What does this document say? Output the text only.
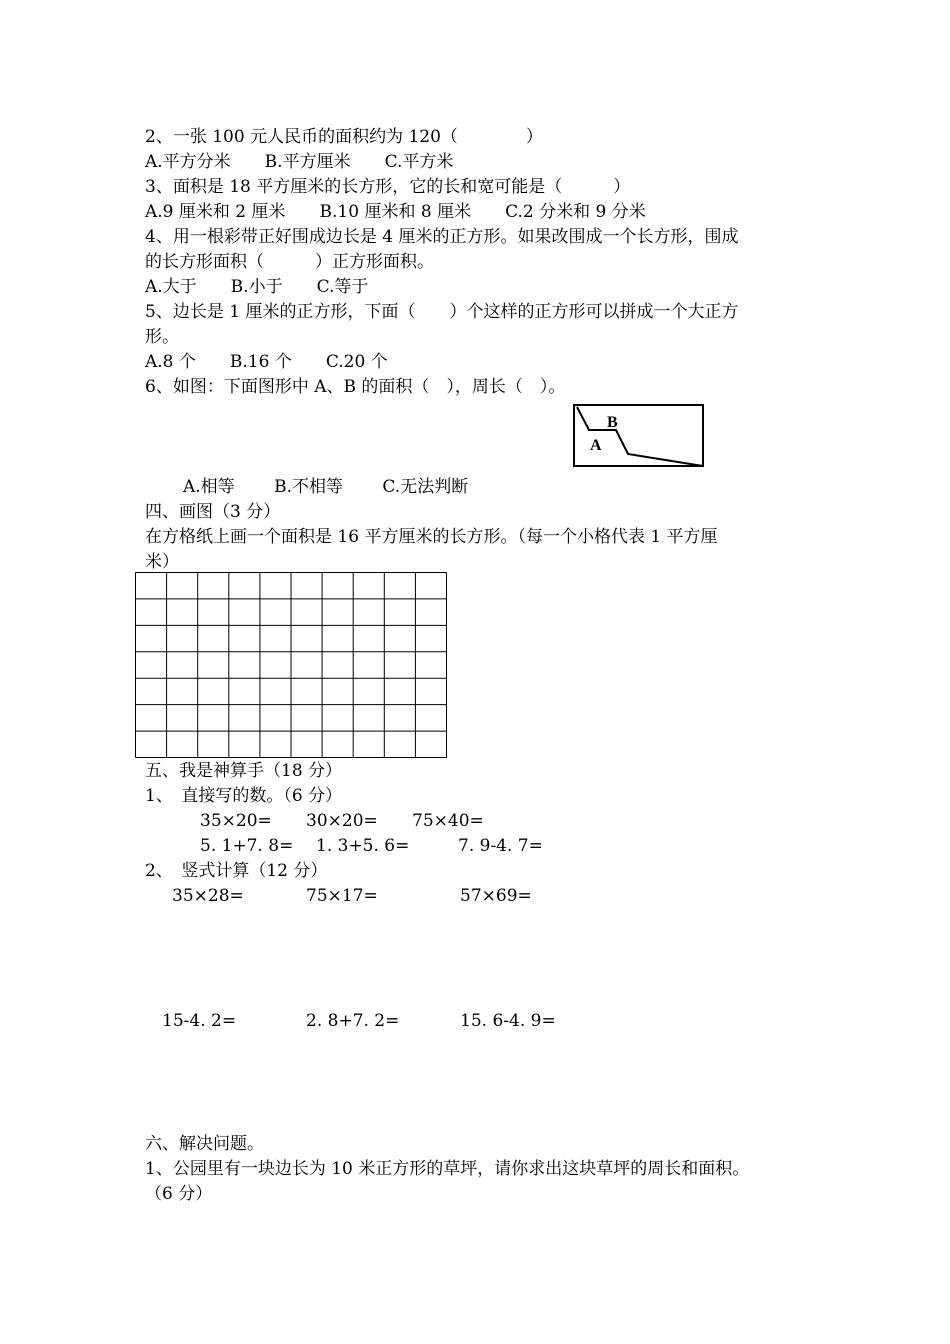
2、一张 100 元人民币的面积约为 120（　　　　）
A.平方分米　　B.平方厘米　　C.平方米
3、面积是 18 平方厘米的长方形，它的长和宽可能是（　　　）
A.9 厘米和 2 厘米　　B.10 厘米和 8 厘米　　C.2 分米和 9 分米
4、用一根彩带正好围成边长是 4 厘米的正方形。如果改围成一个长方形，围成
的长方形面积（　　　）正方形面积。
A.大于　　B.小于　　C.等于
5、边长是 1 厘米的正方形，下面（　　）个这样的正方形可以拼成一个大正方
形。
A.8 个　　B.16 个　　C.20 个
6、如图：下面图形中 A、B 的面积（　），周长（　）。
B
A
A.相等　　 B.不相等　　 C.无法判断
四、画图（3 分）
在方格纸上画一个面积是 16 平方厘米的长方形。（每一个小格代表 1 平方厘
米）
五、我是神算手（18 分）
1、　直接写的数。（6 分）
35×20= 30×20= 75×40=
5. 1+7. 8= 1. 3+5. 6=	7. 9-4. 7=
2、　竖式计算（12 分）
35×28=	75×17=	57×69=
15-4. 2=	2. 8+7. 2=	15. 6-4. 9=
六、解决问题。
1、公园里有一块边长为 10 米正方形的草坪，请你求出这块草坪的周长和面积。
（6 分）
